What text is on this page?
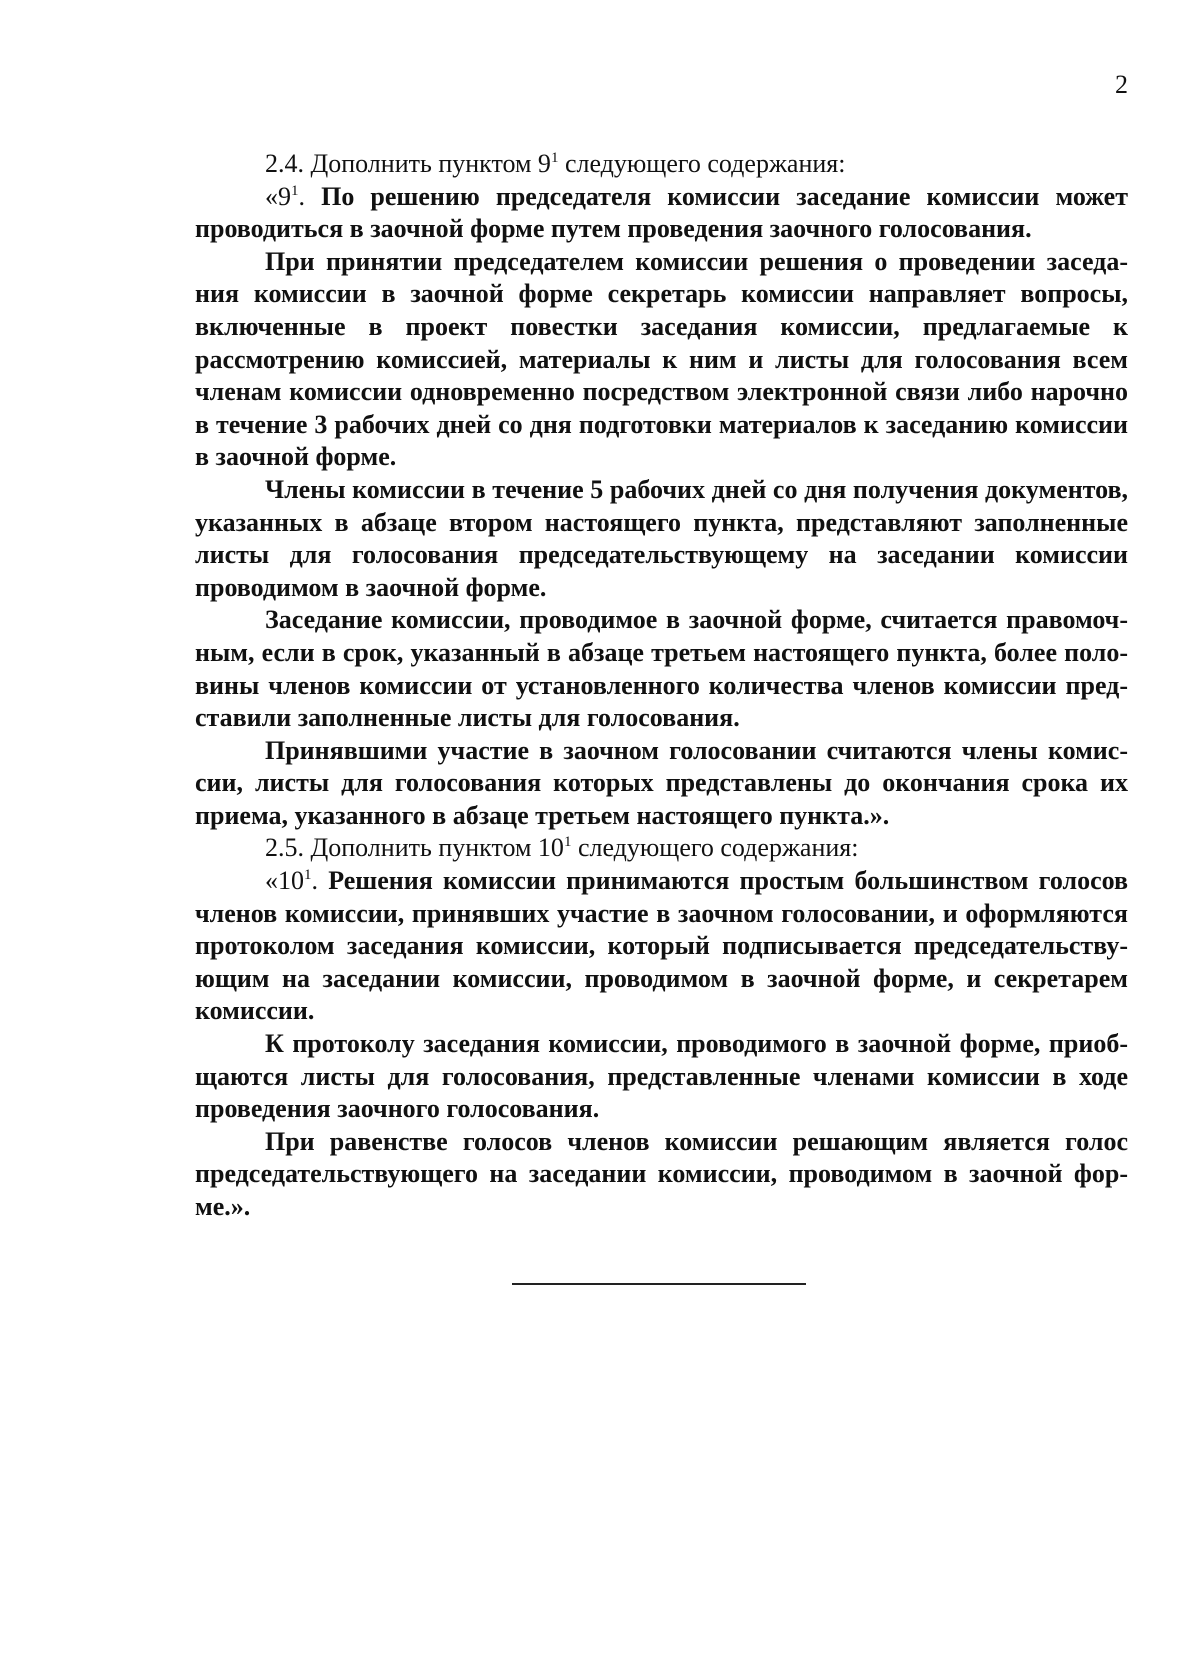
2

2.4. Дополнить пунктом $9^1$ следующего содержания:

«$9^1$. По решению председателя комиссии заседание комиссии может проводиться в заочной форме путем проведения заочного голосования.

При принятии председателем комиссии решения о проведении заседания комиссии в заочной форме секретарь комиссии направляет вопросы, включенные в проект повестки заседания комиссии, предлагаемые к рассмотрению комиссией, материалы к ним и листы для голосования всем членам комиссии одновременно посредством электронной связи либо нарочно в течение 3 рабочих дней со дня подготовки материалов к заседанию комиссии в заочной форме.

Члены комиссии в течение 5 рабочих дней со дня получения документов, указанных в абзаце втором настоящего пункта, представляют заполненные листы для голосования председательствующему на заседании комиссии проводимом в заочной форме.

Заседание комиссии, проводимое в заочной форме, считается правомочным, если в срок, указанный в абзаце третьем настоящего пункта, более половины членов комиссии от установленного количества членов комиссии представили заполненные листы для голосования.

Принявшими участие в заочном голосовании считаются члены комиссии, листы для голосования которых представлены до окончания срока их приема, указанного в абзаце третьем настоящего пункта.».

2.5. Дополнить пунктом $10^1$ следующего содержания:

«$10^1$. Решения комиссии принимаются простым большинством голосов членов комиссии, принявших участие в заочном голосовании, и оформляются протоколом заседания комиссии, который подписывается председательствующим на заседании комиссии, проводимом в заочной форме, и секретарем комиссии.

К протоколу заседания комиссии, проводимого в заочной форме, приобщаются листы для голосования, представленные членами комиссии в ходе проведения заочного голосования.

При равенстве голосов членов комиссии решающим является голос председательствующего на заседании комиссии, проводимом в заочной форме.».
